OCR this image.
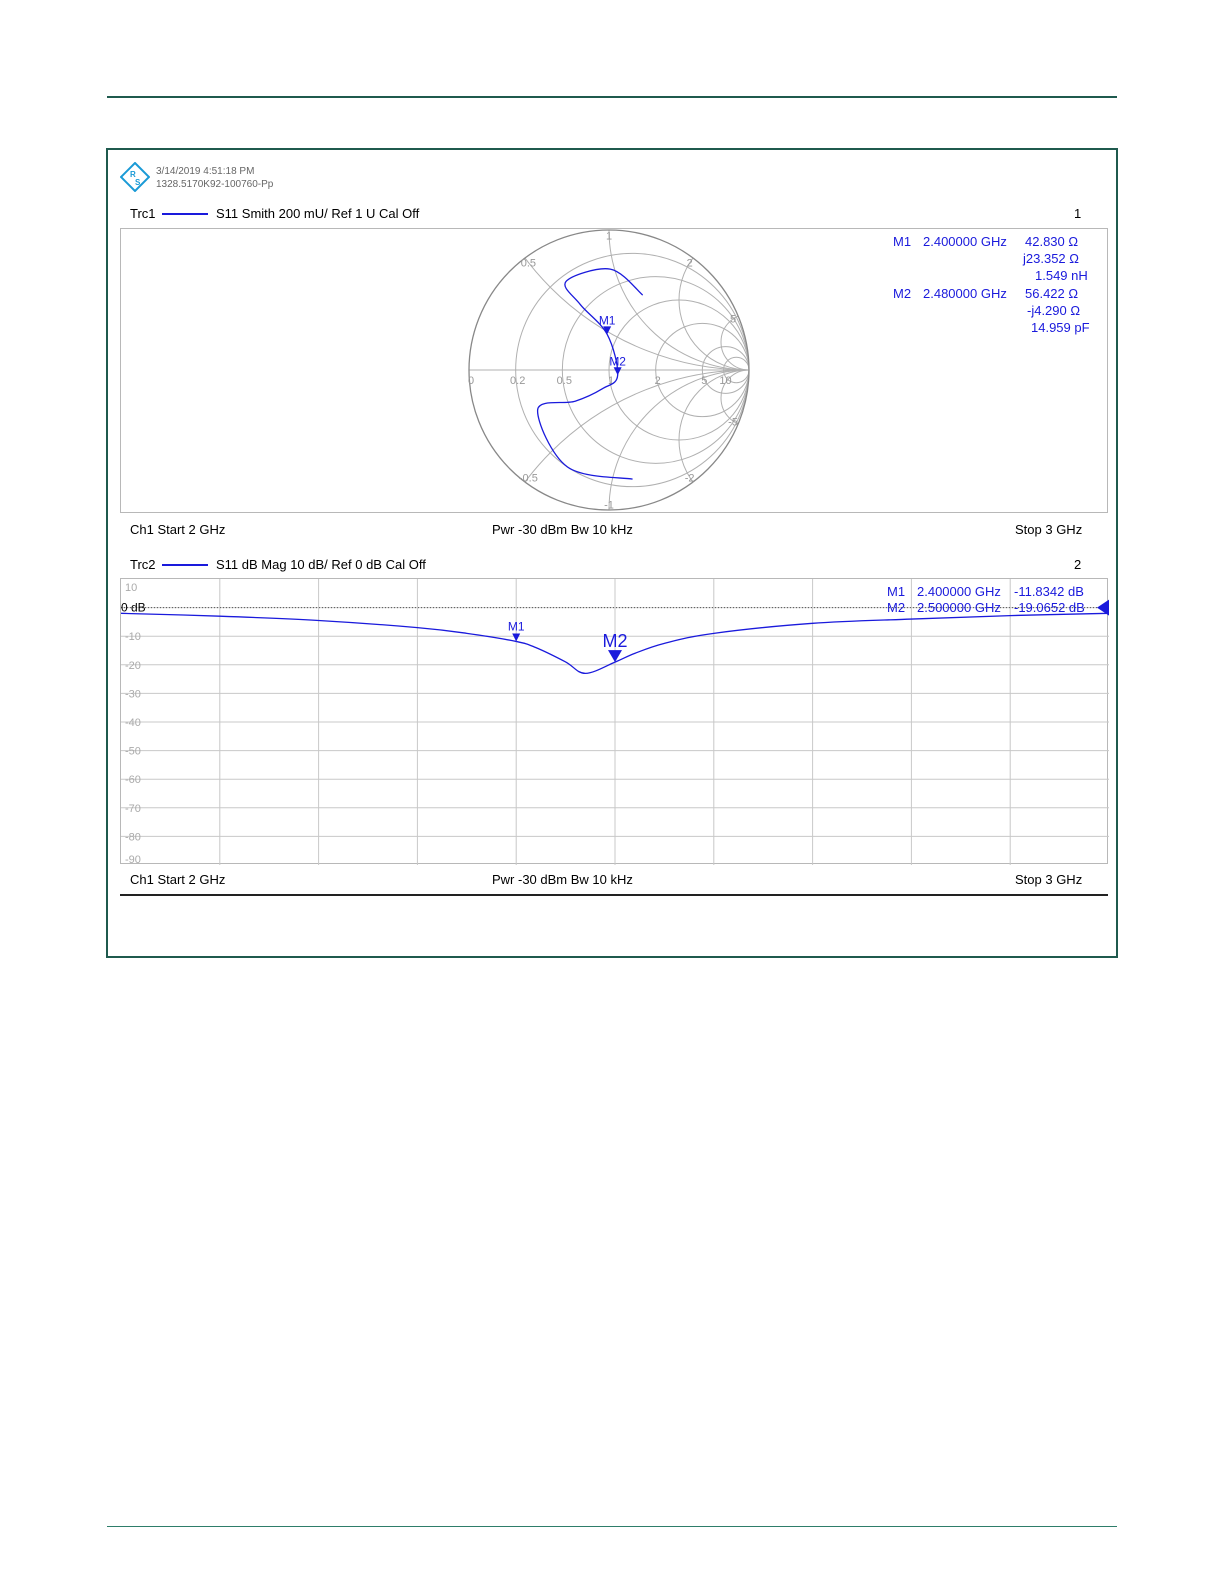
R
S
3/14/2019 4:51:18 PM
1328.5170K92-100760-Pp
Trc1	S11 Smith 200 mU/ Ref 1 U Cal Off	1
0	0.2	0.5	1	2	5 10
0.5
1
2
5
-0.5
-1
-2
-5
M1
M2
M1 2.400000 GHz 42.830 Ω
j23.352 Ω
1.549 nH
M2 2.480000 GHz 56.422 Ω
-j4.290 Ω
14.959 pF
Ch1 Start 2 GHz	Pwr -30 dBm Bw 10 kHz	Stop 3 GHz
Trc2	S11 dB Mag 10 dB/ Ref 0 dB Cal Off	2
10
-10
-20
-30
-40
-50
-60
-70
-80
-90
0 dB
M1
M2
M1 2.400000 GHz -11.8342 dB
M2 2.500000 GHz -19.0652 dB
Ch1 Start 2 GHz	Pwr -30 dBm Bw 10 kHz	Stop 3 GHz
